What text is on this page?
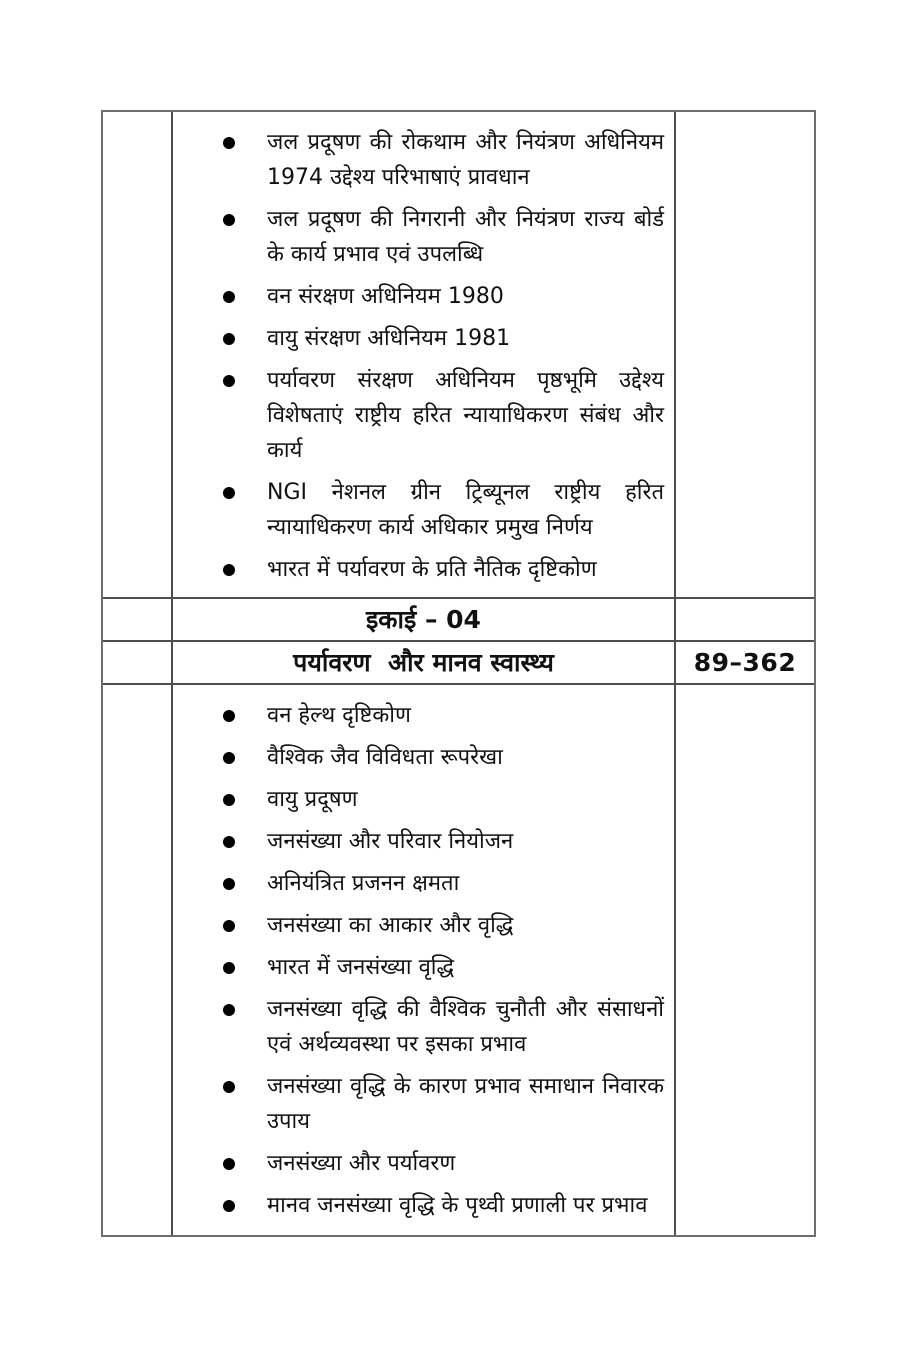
जल प्रदूषण की रोकथाम और नियंत्रण अधिनियम 1974 उद्देश्य परिभाषाएं प्रावधान
जल प्रदूषण की निगरानी और नियंत्रण राज्य बोर्ड के कार्य प्रभाव एवं उपलब्धि
वन संरक्षण अधिनियम 1980
वायु संरक्षण अधिनियम 1981
पर्यावरण संरक्षण अधिनियम पृष्ठभूमि उद्देश्य विशेषताएं राष्ट्रीय हरित न्यायाधिकरण संबंध और कार्य
NGI नेशनल ग्रीन ट्रिब्यूनल राष्ट्रीय हरित न्यायाधिकरण कार्य अधिकार प्रमुख निर्णय
भारत में पर्यावरण के प्रति नैतिक दृष्टिकोण
इकाई – 04
पर्यावरण  और मानव स्वास्थ्य	89–362
वन हेल्थ दृष्टिकोण
वैश्विक जैव विविधता रूपरेखा
वायु प्रदूषण
जनसंख्या और परिवार नियोजन
अनियंत्रित प्रजनन क्षमता
जनसंख्या का आकार और वृद्धि
भारत में जनसंख्या वृद्धि
जनसंख्या वृद्धि की वैश्विक चुनौती और संसाधनों एवं अर्थव्यवस्था पर इसका प्रभाव
जनसंख्या वृद्धि के कारण प्रभाव समाधान निवारक उपाय
जनसंख्या और पर्यावरण
मानव जनसंख्या वृद्धि के पृथ्वी प्रणाली पर प्रभाव
